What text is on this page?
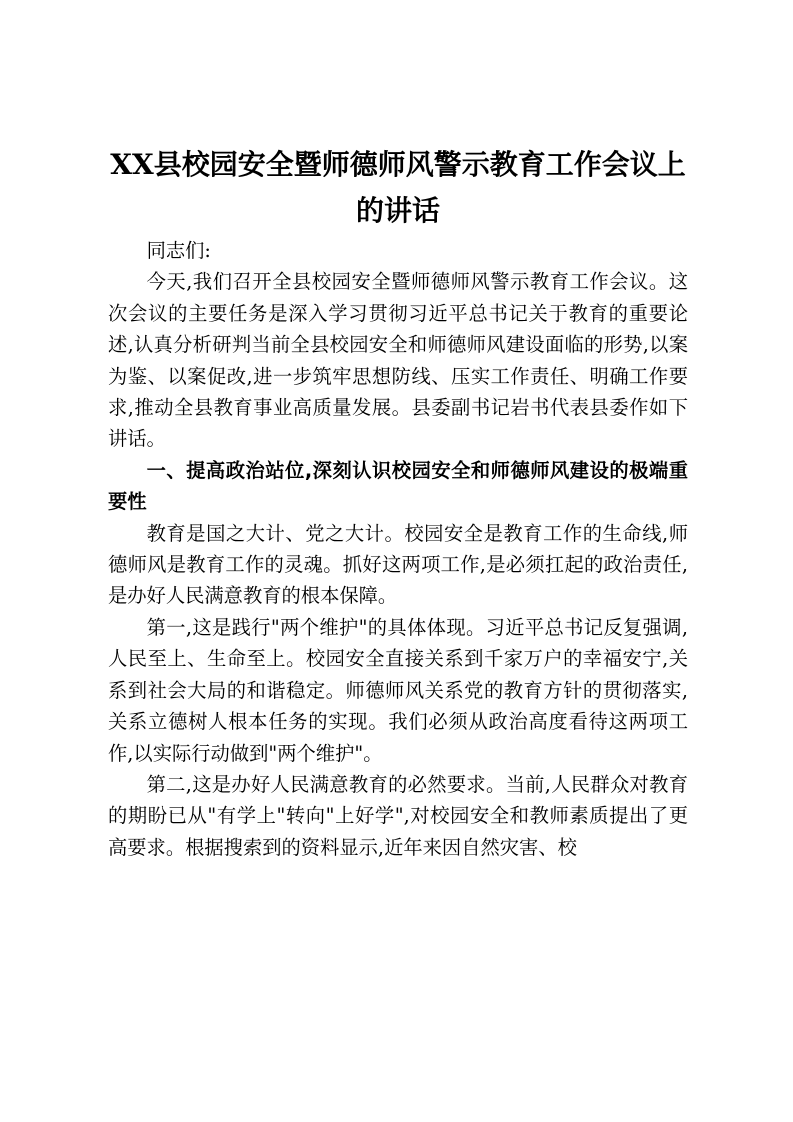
XX县校园安全暨师德师风警示教育工作会议上的讲话

同志们:

今天,我们召开全县校园安全暨师德师风警示教育工作会议。这次会议的主要任务是深入学习贯彻习近平总书记关于教育的重要论述,认真分析研判当前全县校园安全和师德师风建设面临的形势,以案为鉴、以案促改,进一步筑牢思想防线、压实工作责任、明确工作要求,推动全县教育事业高质量发展。县委副书记岩书代表县委作如下讲话。

一、提高政治站位,深刻认识校园安全和师德师风建设的极端重要性

教育是国之大计、党之大计。校园安全是教育工作的生命线,师德师风是教育工作的灵魂。抓好这两项工作,是必须扛起的政治责任,是办好人民满意教育的根本保障。

第一,这是践行"两个维护"的具体体现。习近平总书记反复强调,人民至上、生命至上。校园安全直接关系到千家万户的幸福安宁,关系到社会大局的和谐稳定。师德师风关系党的教育方针的贯彻落实,关系立德树人根本任务的实现。我们必须从政治高度看待这两项工作,以实际行动做到"两个维护"。

第二,这是办好人民满意教育的必然要求。当前,人民群众对教育的期盼已从"有学上"转向"上好学",对校园安全和教师素质提出了更高要求。根据搜索到的资料显示,近年来因自然灾害、校
